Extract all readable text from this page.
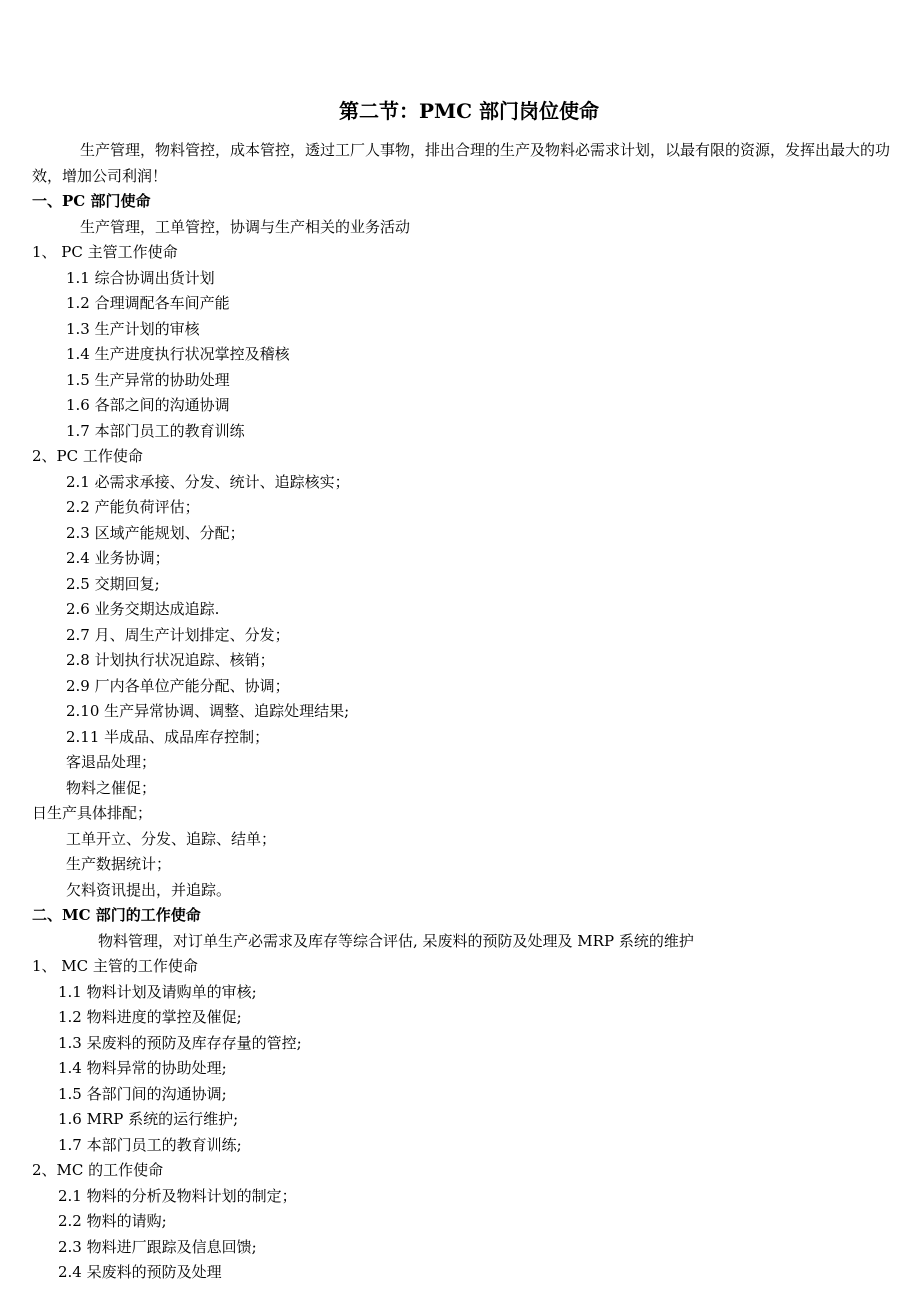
第二节：PMC 部门岗位使命
生产管理，物料管控，成本管控，透过工厂人事物，排出合理的生产及物料必需求计划，以最有限的资源，发挥出最大的功效，增加公司利润！
一、PC 部门使命
生产管理，工单管控，协调与生产相关的业务活动
1、 PC 主管工作使命
1.1 综合协调出货计划
1.2 合理调配各车间产能
1.3 生产计划的审核
1.4 生产进度执行状况掌控及稽核
1.5 生产异常的协助处理
1.6 各部之间的沟通协调
1.7 本部门员工的教育训练
2、PC 工作使命
2.1 必需求承接、分发、统计、追踪核实；
2.2 产能负荷评估；
2.3 区域产能规划、分配；
2.4 业务协调；
2.5 交期回复;
2.6 业务交期达成追踪.
2.7 月、周生产计划排定、分发；
2.8 计划执行状况追踪、核销；
2.9 厂内各单位产能分配、协调；
2.10 生产异常协调、调整、追踪处理结果;
2.11 半成品、成品库存控制；
客退品处理；
物料之催促；
日生产具体排配；
工单开立、分发、追踪、结单；
生产数据统计；
欠料资讯提出，并追踪。
二、MC 部门的工作使命
物料管理，对订单生产必需求及库存等综合评估, 呆废料的预防及处理及 MRP 系统的维护
1、 MC 主管的工作使命
1.1 物料计划及请购单的审核;
1.2 物料进度的掌控及催促;
1.3 呆废料的预防及库存存量的管控;
1.4 物料异常的协助处理;
1.5 各部门间的沟通协调;
1.6 MRP 系统的运行维护;
1.7 本部门员工的教育训练;
2、MC 的工作使命
2.1 物料的分析及物料计划的制定；
2.2 物料的请购;
2.3 物料进厂跟踪及信息回馈;
2.4 呆废料的预防及处理
